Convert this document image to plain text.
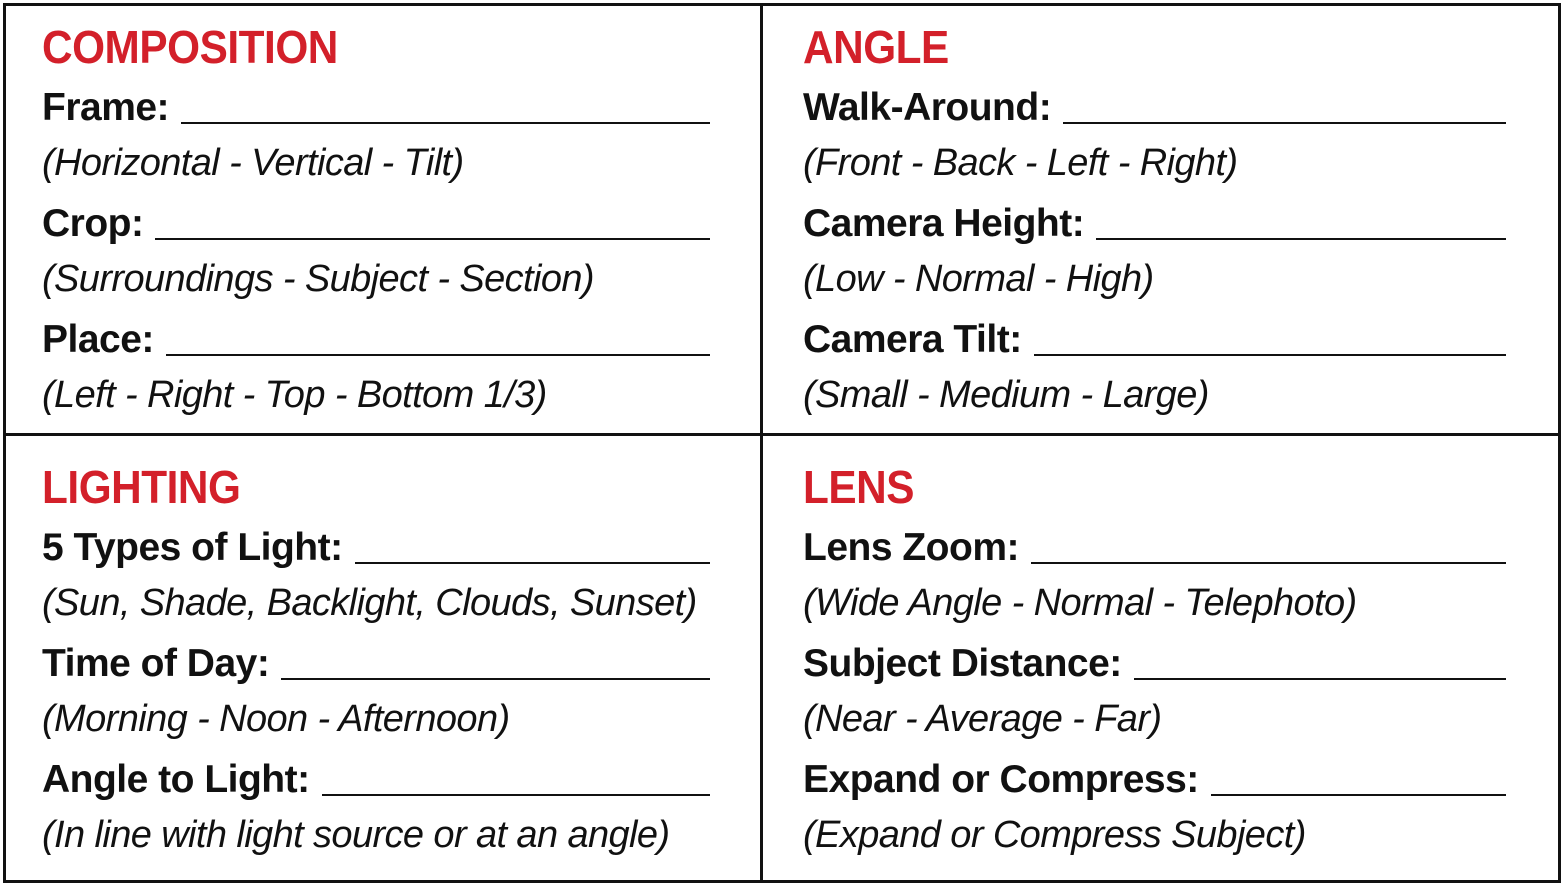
COMPOSITION
Frame:
(Horizontal - Vertical - Tilt)
Crop:
(Surroundings - Subject - Section)
Place:
(Left - Right - Top - Bottom 1/3)
ANGLE
Walk-Around:
(Front - Back - Left - Right)
Camera Height:
(Low - Normal - High)
Camera Tilt:
(Small - Medium - Large)
LIGHTING
5 Types of Light:
(Sun, Shade, Backlight, Clouds, Sunset)
Time of Day:
(Morning - Noon - Afternoon)
Angle to Light:
(In line with light source or at an angle)
LENS
Lens Zoom:
(Wide Angle - Normal - Telephoto)
Subject Distance:
(Near - Average - Far)
Expand or Compress:
(Expand or Compress Subject)
